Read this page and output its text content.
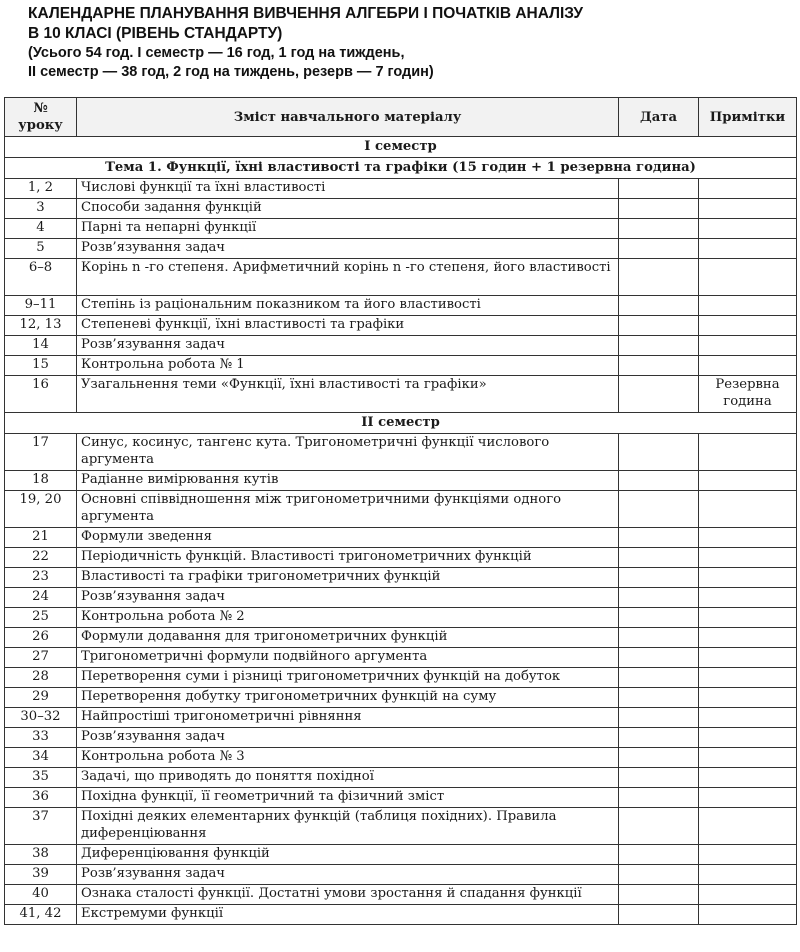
КАЛЕНДАРНЕ ПЛАНУВАННЯ ВИВЧЕННЯ АЛГЕБРИ І ПОЧАТКІВ АНАЛІЗУ
В 10 КЛАСІ (РІВЕНЬ СТАНДАРТУ)
(Усього 54 год. І семестр — 16 год, 1 год на тиждень,
ІІ семестр — 38 год, 2 год на тиждень, резерв — 7 годин)
№ уроку	Зміст навчального матеріалу	Дата	Примітки
І семестр			
Тема 1. Функції, їхні властивості та графіки (15 годин + 1 резервна година)			
1, 2	Числові функції та їхні властивості		
3	Способи задання функцій		
4	Парні та непарні функції		
5	Розв’язування задач		
6–8	Корінь n -го степеня. Арифметичний корінь n -го степеня, його властивості		
9–11	Степінь із раціональним показником та його властивості		
12, 13	Степеневі функції, їхні властивості та графіки		
14	Розв’язування задач		
15	Контрольна робота № 1		
16	Узагальнення теми «Функції, їхні властивості та графіки»		Резервна година
ІІ семестр			
17	Синус, косинус, тангенс кута. Тригонометричні функції числового аргумента		
18	Радіанне вимірювання кутів		
19, 20	Основні співвідношення між тригонометричними функціями одного аргумента		
21	Формули зведення		
22	Періодичність функцій. Властивості тригонометричних функцій		
23	Властивості та графіки тригонометричних функцій		
24	Розв’язування задач		
25	Контрольна робота № 2		
26	Формули додавання для тригонометричних функцій		
27	Тригонометричні формули подвійного аргумента		
28	Перетворення суми і різниці тригонометричних функцій на добуток		
29	Перетворення добутку тригонометричних функцій на суму		
30–32	Найпростіші тригонометричні рівняння		
33	Розв’язування задач		
34	Контрольна робота № 3		
35	Задачі, що приводять до поняття похідної		
36	Похідна функції, її геометричний та фізичний зміст		
37	Похідні деяких елементарних функцій (таблиця похідних). Правила диференціювання		
38	Диференціювання функцій		
39	Розв’язування задач		
40	Ознака сталості функції. Достатні умови зростання й спадання функції		
41, 42	Екстремуми функції		
